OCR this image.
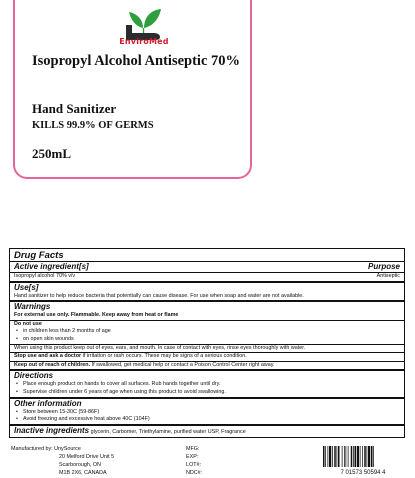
EnviroMed
Isopropyl Alcohol Antiseptic 70%
Hand Sanitizer
KILLS 99.9% OF GERMS
250mL
Drug Facts
Active ingredient[s]	Purpose
Isopropyl alcohol 70% v/v	Antiseptic
Use[s]
Hand sanitizer to help reduce bacteria that potentially can cause disease. For use when soap and water are not available.
Warnings
For external use only. Flammable. Keep away from heat or flame
Do not use
• in children less than 2 months of age
• on open skin wounds
When using this product keep out of eyes, ears, and mouth. In case of contact with eyes, rinse eyes thoroughly with water.
Stop use and ask a doctor if irritation or rash occurs. These may be signs of a serious condition.
Keep out of reach of children. If swallowed, get medical help or contact a Poison Control Center right away.
Directions
• Place enough product on hands to cover all surfaces. Rub hands together until dry.
• Supervise children under 6 years of age when using this product to avoid swallowing.
Other information
• Store between 15-30C (59-86F)
• Avoid freezing and excessive heat above 40C (104F)
Inactive ingredients glycerin, Carbomer, Triethylamine, purified water USP, Fragrance
Manufactured by: UnySource
20 Melford Drive Unit 5
Scarborough, ON
M1B 2X6, CANADA
MFG:
EXP:
LOT#:
NDC#:	7 01573 50594 4
